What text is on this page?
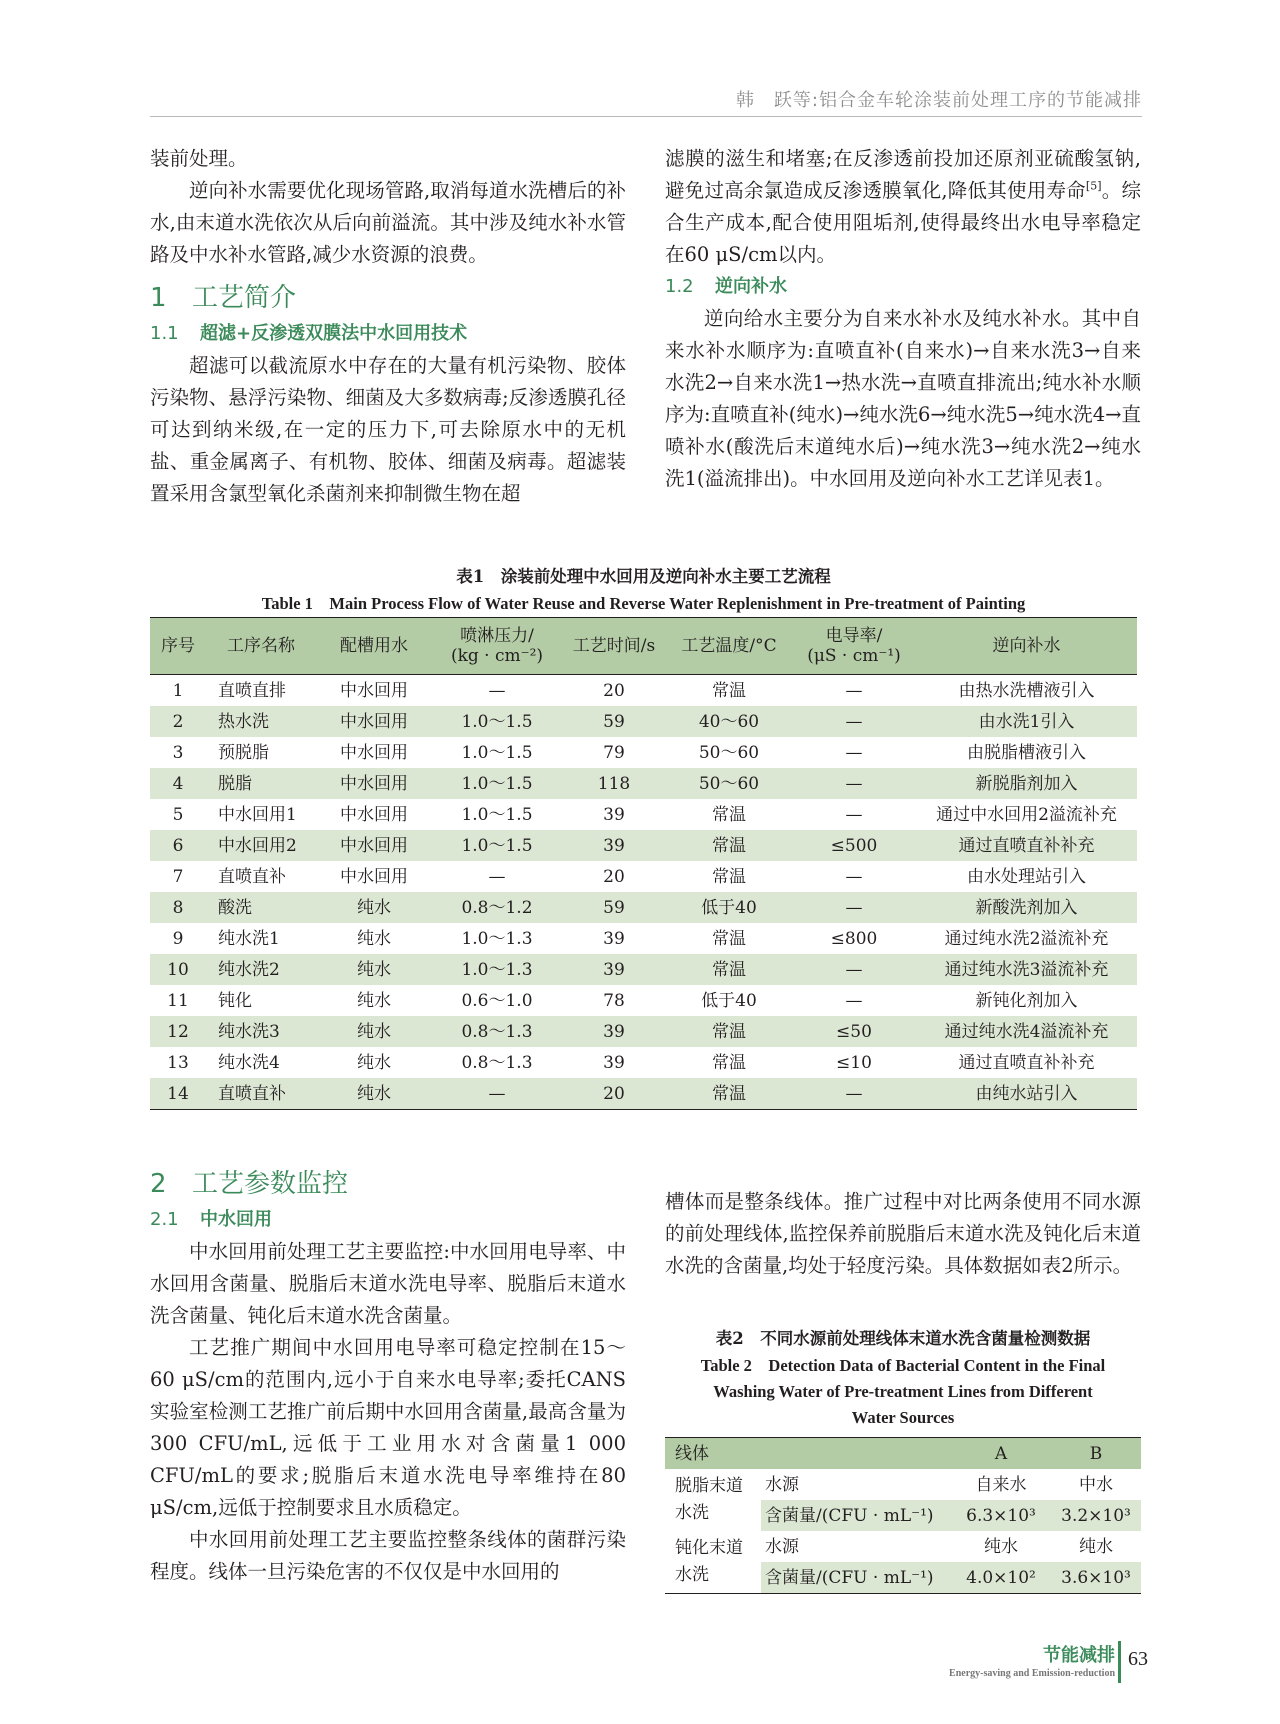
韩　跃等:铝合金车轮涂装前处理工序的节能减排

装前处理。

逆向补水需要优化现场管路,取消每道水洗槽后的补水,由末道水洗依次从后向前溢流。其中涉及纯水补水管路及中水补水管路,减少水资源的浪费。

1 工艺简介
1.1 超滤+反渗透双膜法中水回用技术

超滤可以截流原水中存在的大量有机污染物、胶体污染物、悬浮污染物、细菌及大多数病毒;反渗透膜孔径可达到纳米级,在一定的压力下,可去除原水中的无机盐、重金属离子、有机物、胶体、细菌及病毒。超滤装置采用含氯型氧化杀菌剂来抑制微生物在超

滤膜的滋生和堵塞;在反渗透前投加还原剂亚硫酸氢钠,避免过高余氯造成反渗透膜氧化,降低其使用寿命[5]。综合生产成本,配合使用阻垢剂,使得最终出水电导率稳定在60 μS/cm以内。

1.2 逆向补水

逆向给水主要分为自来水补水及纯水补水。其中自来水补水顺序为:直喷直补(自来水)→自来水洗3→自来水洗2→自来水洗1→热水洗→直喷直排流出;纯水补水顺序为:直喷直补(纯水)→纯水洗6→纯水洗5→纯水洗4→直喷补水(酸洗后末道纯水后)→纯水洗3→纯水洗2→纯水洗1(溢流排出)。中水回用及逆向补水工艺详见表1。

表1　涂装前处理中水回用及逆向补水主要工艺流程

Table 1　Main Process Flow of Water Reuse and Reverse Water Replenishment in Pre-treatment of Painting

序号	工序名称	配槽用水	喷淋压力/
(kg · cm⁻²)	工艺时间/s	工艺温度/°C	电导率/
(μS · cm⁻¹)	逆向补水
1	直喷直排	中水回用	—	20	常温	—	由热水洗槽液引入
2	热水洗	中水回用	1.0～1.5	59	40～60	—	由水洗1引入
3	预脱脂	中水回用	1.0～1.5	79	50～60	—	由脱脂槽液引入
4	脱脂	中水回用	1.0～1.5	118	50～60	—	新脱脂剂加入
5	中水回用1	中水回用	1.0～1.5	39	常温	—	通过中水回用2溢流补充
6	中水回用2	中水回用	1.0～1.5	39	常温	≤500	通过直喷直补补充
7	直喷直补	中水回用	—	20	常温	—	由水处理站引入
8	酸洗	纯水	0.8～1.2	59	低于40	—	新酸洗剂加入
9	纯水洗1	纯水	1.0～1.3	39	常温	≤800	通过纯水洗2溢流补充
10	纯水洗2	纯水	1.0～1.3	39	常温	—	通过纯水洗3溢流补充
11	钝化	纯水	0.6～1.0	78	低于40	—	新钝化剂加入
12	纯水洗3	纯水	0.8～1.3	39	常温	≤50	通过纯水洗4溢流补充
13	纯水洗4	纯水	0.8～1.3	39	常温	≤10	通过直喷直补补充
14	直喷直补	纯水	—	20	常温	—	由纯水站引入
2 工艺参数监控
2.1 中水回用

中水回用前处理工艺主要监控:中水回用电导率、中水回用含菌量、脱脂后末道水洗电导率、脱脂后末道水洗含菌量、钝化后末道水洗含菌量。

工艺推广期间中水回用电导率可稳定控制在15～60 μS/cm的范围内,远小于自来水电导率;委托CANS实验室检测工艺推广前后期中水回用含菌量,最高含量为300 CFU/mL,远低于工业用水对含菌量1 000 CFU/mL的要求;脱脂后末道水洗电导率维持在80 μS/cm,远低于控制要求且水质稳定。

中水回用前处理工艺主要监控整条线体的菌群污染程度。线体一旦污染危害的不仅仅是中水回用的

槽体而是整条线体。推广过程中对比两条使用不同水源的前处理线体,监控保养前脱脂后末道水洗及钝化后末道水洗的含菌量,均处于轻度污染。具体数据如表2所示。

表2　不同水源前处理线体末道水洗含菌量检测数据

Table 2　Detection Data of Bacterial Content in the Final

Washing Water of Pre-treatment Lines from Different

Water Sources

线体		A	B
脱脂末道水洗	水源	自来水	中水
	含菌量/(CFU · mL⁻¹)	6.3×10³	3.2×10³
钝化末道水洗	水源	纯水	纯水
	含菌量/(CFU · mL⁻¹)	4.0×10²	3.6×10³
节能减排
Energy-saving and Emission-reduction
63
